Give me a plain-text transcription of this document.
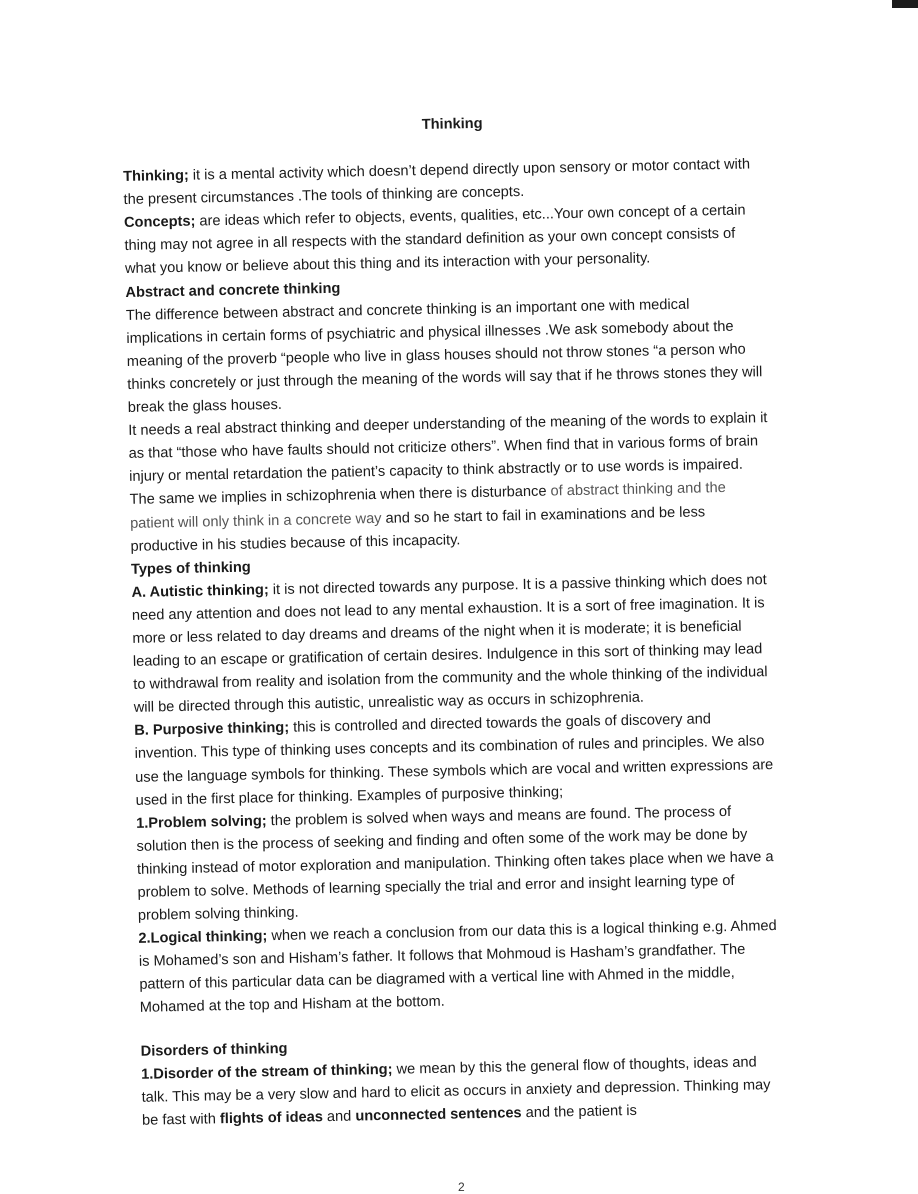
Thinking

Thinking; it is a mental activity which doesn’t depend directly upon sensory or motor contact with the present circumstances .The tools of thinking are concepts.

Concepts; are ideas which refer to objects, events, qualities, etc...Your own concept of a certain thing may not agree in all respects with the standard definition as your own concept consists of what you know or believe about this thing and its interaction with your personality.

Abstract and concrete thinking

The difference between abstract and concrete thinking is an important one with medical implications in certain forms of psychiatric and physical illnesses .We ask somebody about the meaning of the proverb “people who live in glass houses should not throw stones “a person who thinks concretely or just through the meaning of the words will say that if he throws stones they will break the glass houses.

It needs a real abstract thinking and deeper understanding of the meaning of the words to explain it as that “those who have faults should not criticize others”. When find that in various forms of brain injury or mental retardation the patient’s capacity to think abstractly or to use words is impaired. The same we implies in schizophrenia when there is disturbance of abstract thinking and the patient will only think in a concrete way and so he start to fail in examinations and be less productive in his studies because of this incapacity.

Types of thinking

A. Autistic thinking; it is not directed towards any purpose. It is a passive thinking which does not need any attention and does not lead to any mental exhaustion. It is a sort of free imagination. It is more or less related to day dreams and dreams of the night when it is moderate; it is beneficial leading to an escape or gratification of certain desires. Indulgence in this sort of thinking may lead to withdrawal from reality and isolation from the community and the whole thinking of the individual will be directed through this autistic, unrealistic way as occurs in schizophrenia.

B. Purposive thinking; this is controlled and directed towards the goals of discovery and invention. This type of thinking uses concepts and its combination of rules and principles. We also use the language symbols for thinking. These symbols which are vocal and written expressions are used in the first place for thinking. Examples of purposive thinking;

1.Problem solving; the problem is solved when ways and means are found. The process of solution then is the process of seeking and finding and often some of the work may be done by thinking instead of motor exploration and manipulation. Thinking often takes place when we have a problem to solve. Methods of learning specially the trial and error and insight learning type of problem solving thinking.

2.Logical thinking; when we reach a conclusion from our data this is a logical thinking e.g. Ahmed is Mohamed’s son and Hisham’s father. It follows that Mohmoud is Hasham’s grandfather. The pattern of this particular data can be diagramed with a vertical line with Ahmed in the middle, Mohamed at the top and Hisham at the bottom.

Disorders of thinking

1.Disorder of the stream of thinking; we mean by this the general flow of thoughts, ideas and talk. This may be a very slow and hard to elicit as occurs in anxiety and depression. Thinking may be fast with flights of ideas and unconnected sentences and the patient is

2
